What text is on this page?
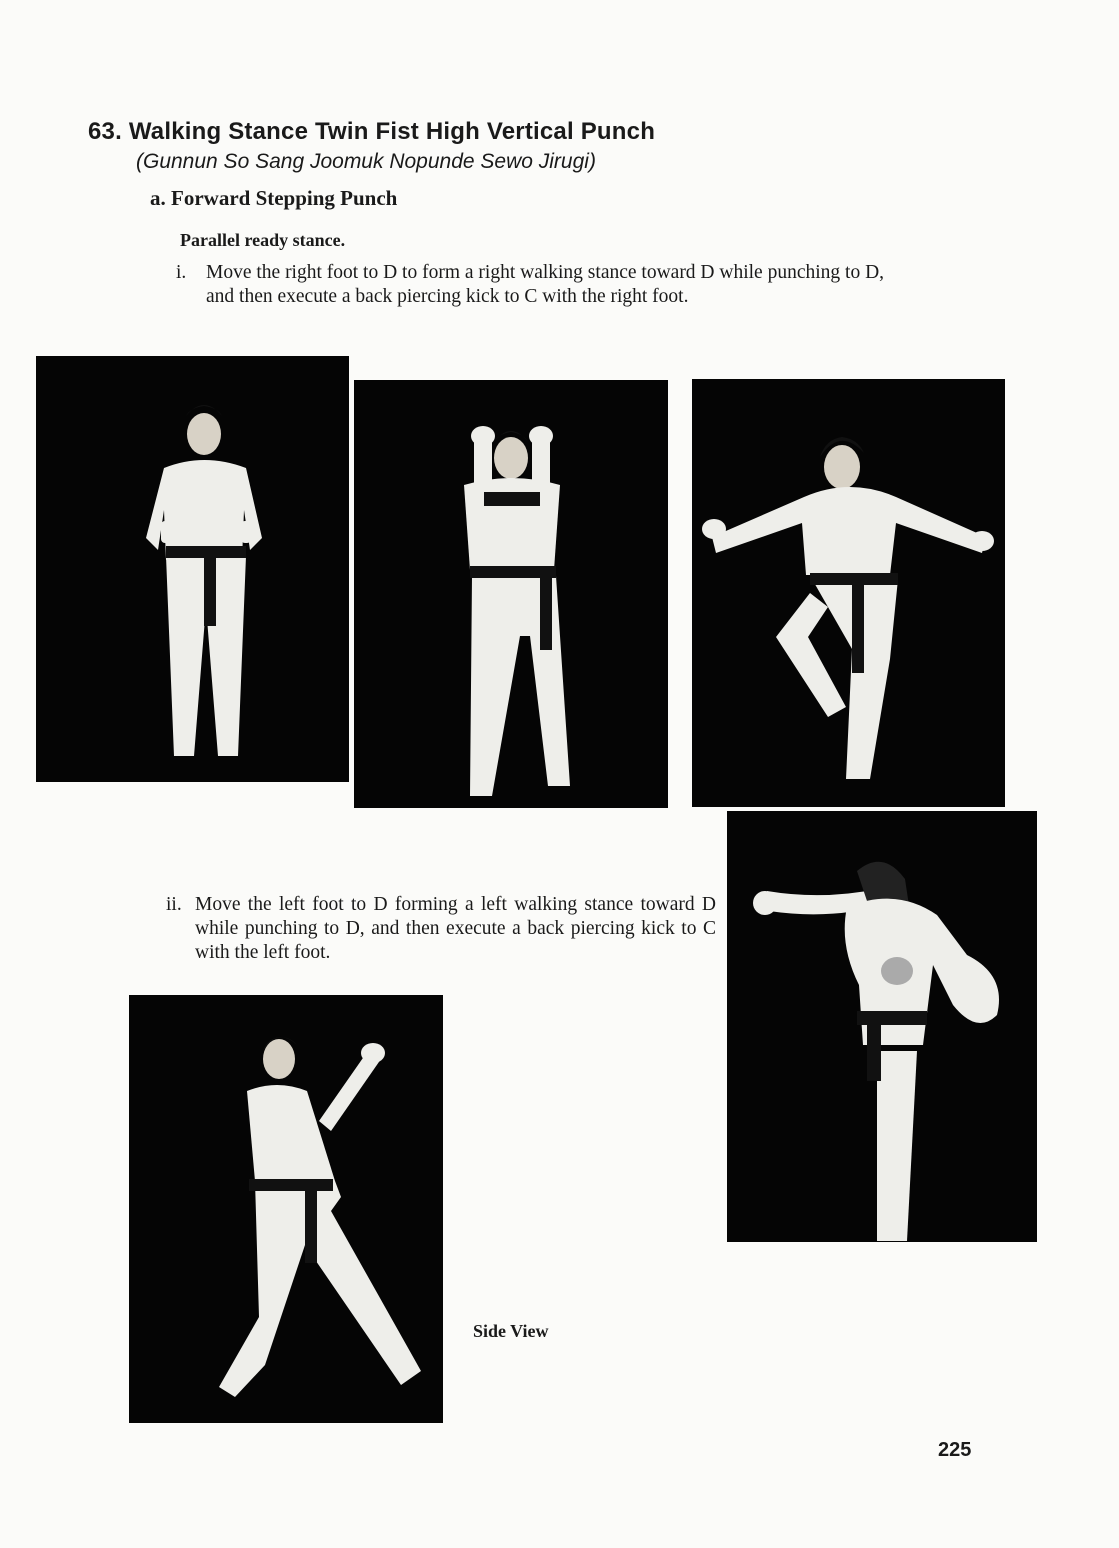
63. Walking Stance Twin Fist High Vertical Punch
(Gunnun So Sang Joomuk Nopunde Sewo Jirugi)
a. Forward Stepping Punch
Parallel ready stance.
i.	Move the right foot to D to form a right walking stance toward D while punching to D, and then execute a back piercing kick to C with the right foot.
ii. Move the left foot to D forming a left walking stance toward D while punching to D, and then execute a back piercing kick to C with the left foot.
Side View
225
